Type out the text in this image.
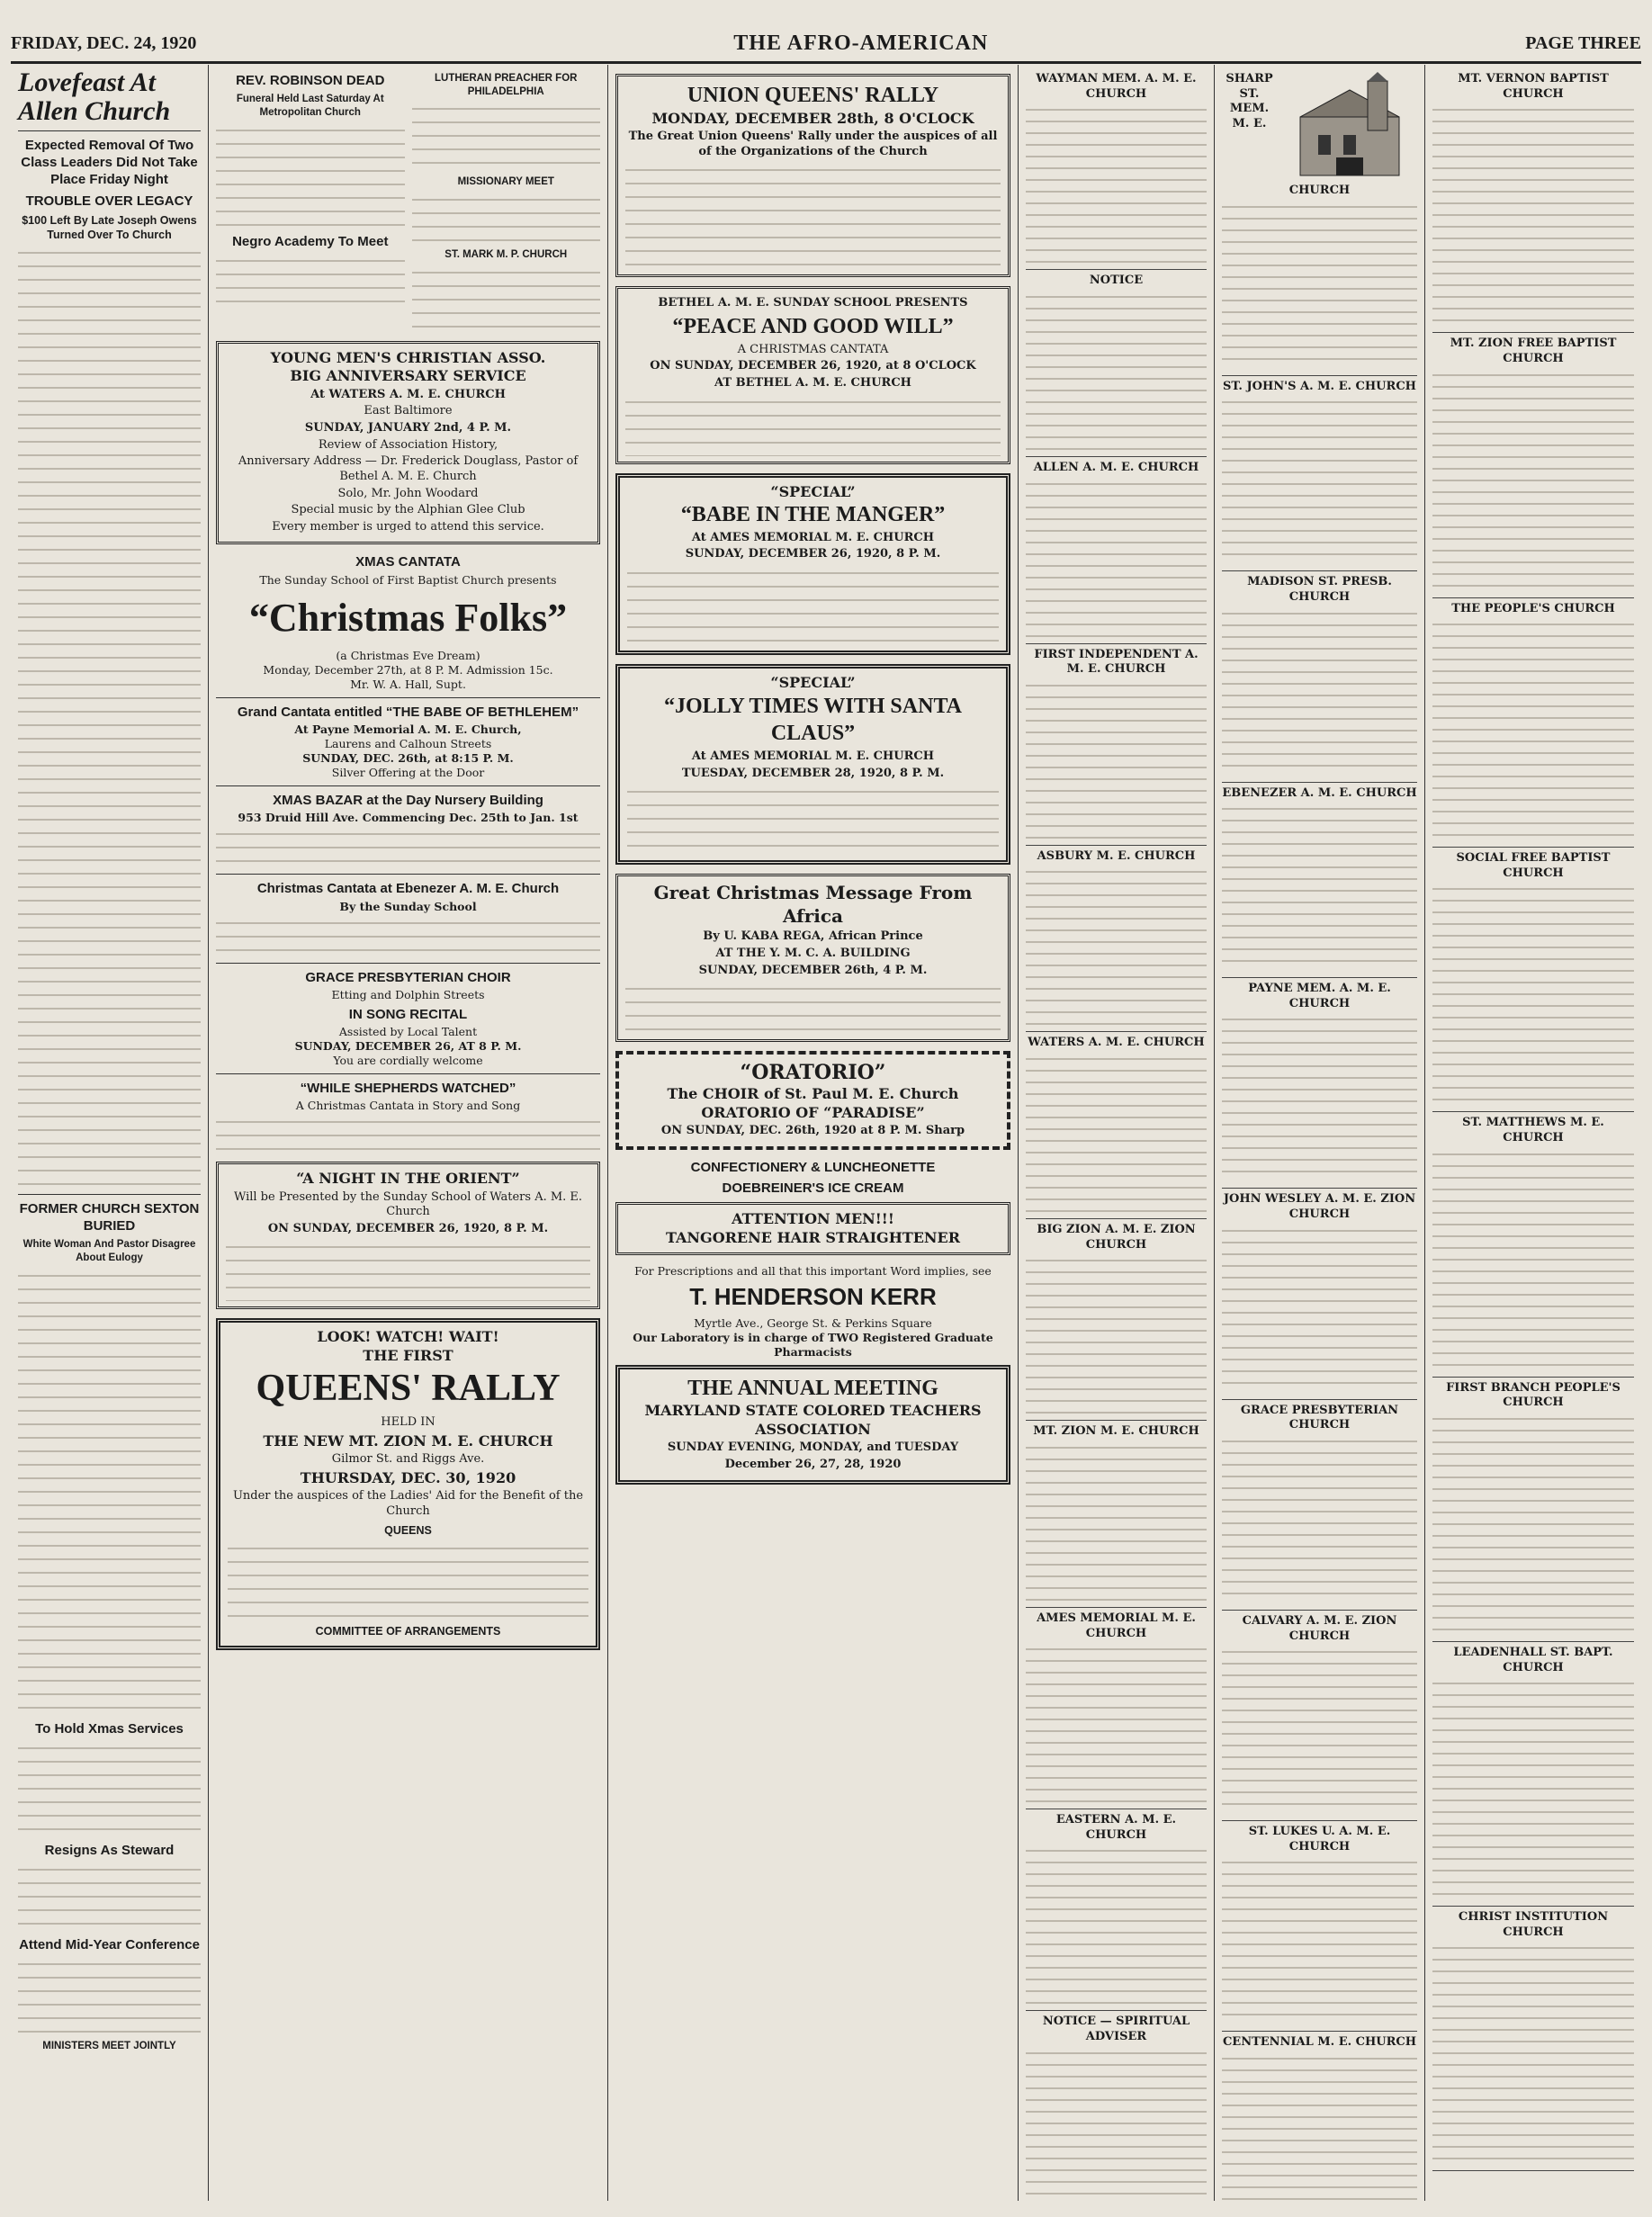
FRIDAY, DEC. 24, 1920	THE AFRO-AMERICAN	PAGE THREE
Lovefeast At Allen Church
Expected Removal Of Two Class Leaders Did Not Take Place Friday Night
TROUBLE OVER LEGACY
$100 Left By Late Joseph Owens Turned Over To Church
FORMER CHURCH SEXTON BURIED
White Woman And Pastor Disagree About Eulogy
To Hold Xmas Services
Resigns As Steward
Attend Mid-Year Conference
MINISTERS MEET JOINTLY
REV. ROBINSON DEAD
Funeral Held Last Saturday At Metropolitan Church
Negro Academy To Meet
LUTHERAN PREACHER FOR PHILADELPHIA
MISSIONARY MEET
ST. MARK M. P. CHURCH
YOUNG MEN'S CHRISTIAN ASSO.
BIG ANNIVERSARY SERVICE
At WATERS A. M. E. CHURCH
East Baltimore
SUNDAY, JANUARY 2nd, 4 P. M.
Review of Association History,
Anniversary Address — Dr. Frederick Douglass, Pastor of Bethel A. M. E. Church
Solo, Mr. John Woodard
Special music by the Alphian Glee Club
Every member is urged to attend this service.
XMAS CANTATA
The Sunday School of First Baptist Church presents
“Christmas Folks”
(a Christmas Eve Dream)
Monday, December 27th, at 8 P. M. Admission 15c.
Mr. W. A. Hall, Supt.
Grand Cantata entitled “THE BABE OF BETHLEHEM”
At Payne Memorial A. M. E. Church,
Laurens and Calhoun Streets
SUNDAY, DEC. 26th, at 8:15 P. M.
Silver Offering at the Door
XMAS BAZAR at the Day Nursery Building
953 Druid Hill Ave. Commencing Dec. 25th to Jan. 1st
Christmas Cantata at Ebenezer A. M. E. Church
By the Sunday School
GRACE PRESBYTERIAN CHOIR
Etting and Dolphin Streets
IN SONG RECITAL
Assisted by Local Talent
SUNDAY, DECEMBER 26, AT 8 P. M.
You are cordially welcome
“WHILE SHEPHERDS WATCHED”
A Christmas Cantata in Story and Song
“A NIGHT IN THE ORIENT”
Will be Presented by the Sunday School of Waters A. M. E. Church
ON SUNDAY, DECEMBER 26, 1920, 8 P. M.
LOOK! WATCH! WAIT!
THE FIRST
QUEENS' RALLY
HELD IN
THE NEW MT. ZION M. E. CHURCH
Gilmor St. and Riggs Ave.
THURSDAY, DEC. 30, 1920
Under the auspices of the Ladies' Aid for the Benefit of the Church
QUEENS
COMMITTEE OF ARRANGEMENTS
UNION QUEENS' RALLY
MONDAY, DECEMBER 28th, 8 O'CLOCK
The Great Union Queens' Rally under the auspices of all of the Organizations of the Church
BETHEL A. M. E. SUNDAY SCHOOL PRESENTS
“PEACE AND GOOD WILL”
A CHRISTMAS CANTATA
ON SUNDAY, DECEMBER 26, 1920, at 8 O'CLOCK
AT BETHEL A. M. E. CHURCH
“SPECIAL”
“BABE IN THE MANGER”
At AMES MEMORIAL M. E. CHURCH
SUNDAY, DECEMBER 26, 1920, 8 P. M.
“SPECIAL”
“JOLLY TIMES WITH SANTA CLAUS”
At AMES MEMORIAL M. E. CHURCH
TUESDAY, DECEMBER 28, 1920, 8 P. M.
Great Christmas Message From Africa
By U. KABA REGA, African Prince
AT THE Y. M. C. A. BUILDING
SUNDAY, DECEMBER 26th, 4 P. M.
“ORATORIO”
The CHOIR of St. Paul M. E. Church
ORATORIO OF “PARADISE”
ON SUNDAY, DEC. 26th, 1920 at 8 P. M. Sharp
CONFECTIONERY & LUNCHEONETTE
DOEBREINER'S ICE CREAM
ATTENTION MEN!!!
TANGORENE HAIR STRAIGHTENER
For Prescriptions and all that this important Word implies, see
T. HENDERSON KERR
Myrtle Ave., George St. & Perkins Square
Our Laboratory is in charge of TWO Registered Graduate Pharmacists
THE ANNUAL MEETING
MARYLAND STATE COLORED TEACHERS ASSOCIATION
SUNDAY EVENING, MONDAY, and TUESDAY
December 26, 27, 28, 1920
WAYMAN MEM. A. M. E. CHURCH
NOTICE
ALLEN A. M. E. CHURCH
FIRST INDEPENDENT A. M. E. CHURCH
ASBURY M. E. CHURCH
WATERS A. M. E. CHURCH
BIG ZION A. M. E. ZION CHURCH
MT. ZION M. E. CHURCH
AMES MEMORIAL M. E. CHURCH
EASTERN A. M. E. CHURCH
NOTICE — SPIRITUAL ADVISER
SHARP ST. MEM. M. E. CHURCH
ST. JOHN'S A. M. E. CHURCH
MADISON ST. PRESB. CHURCH
EBENEZER A. M. E. CHURCH
PAYNE MEM. A. M. E. CHURCH
JOHN WESLEY A. M. E. ZION CHURCH
GRACE PRESBYTERIAN CHURCH
CALVARY A. M. E. ZION CHURCH
ST. LUKES U. A. M. E. CHURCH
CENTENNIAL M. E. CHURCH
MT. VERNON BAPTIST CHURCH
MT. ZION FREE BAPTIST CHURCH
THE PEOPLE'S CHURCH
SOCIAL FREE BAPTIST CHURCH
ST. MATTHEWS M. E. CHURCH
FIRST BRANCH PEOPLE'S CHURCH
LEADENHALL ST. BAPT. CHURCH
CHRIST INSTITUTION CHURCH
